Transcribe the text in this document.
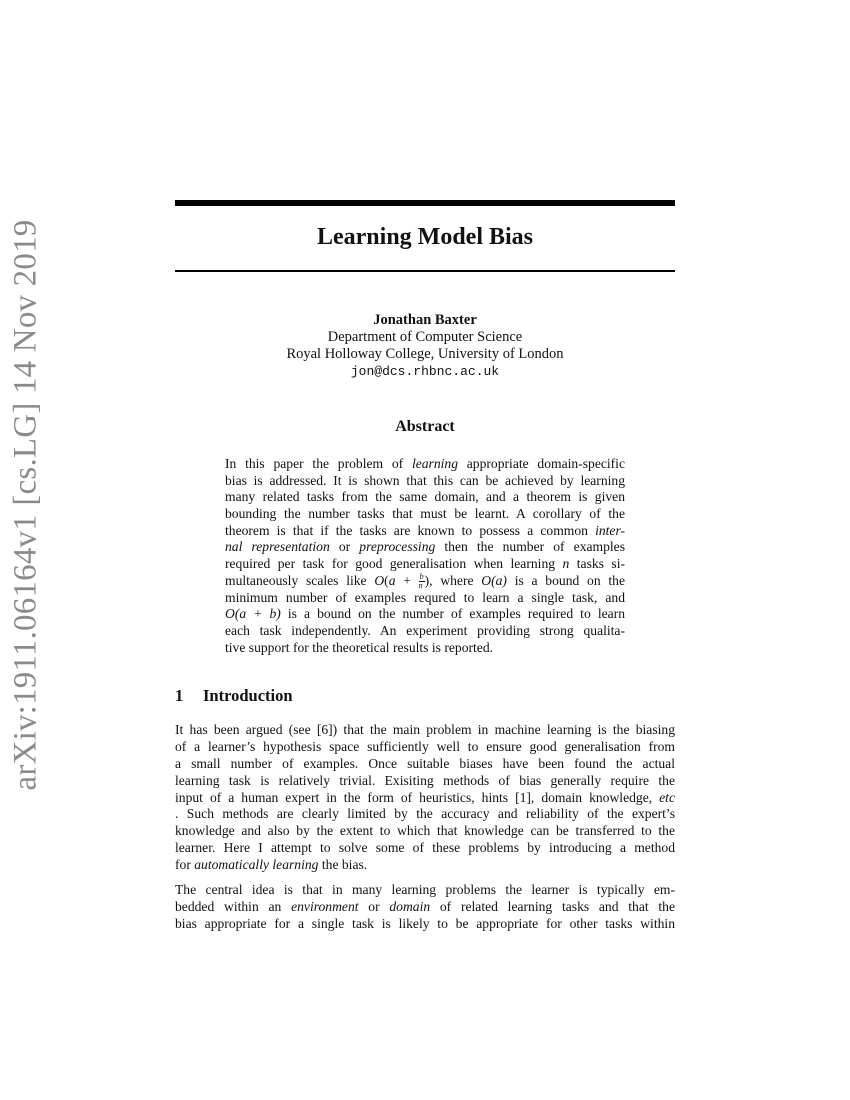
arXiv:1911.06164v1 [cs.LG] 14 Nov 2019	Learning Model Bias
Jonathan Baxter
Department of Computer Science
Royal Holloway College, University of London
jon@dcs.rhbnc.ac.uk
Abstract
In this paper the problem of learning appropriate domain-specific
bias is addressed. It is shown that this can be achieved by learning
many related tasks from the same domain, and a theorem is given
bounding the number tasks that must be learnt. A corollary of the
theorem is that if the tasks are known to possess a common inter-
nal representation or preprocessing then the number of examples
required per task for good generalisation when learning n tasks si-
multaneously scales like $O(a + \frac{b}{n}$ ), where O(a) is a bound on the
minimum number of examples requred to learn a single task, and
O(a + b) is a bound on the number of examples required to learn
each task independently. An experiment providing strong qualita-
tive support for the theoretical results is reported.
1 Introduction
It has been argued (see [6]) that the main problem in machine learning is the biasing
of a learner’s hypothesis space sufficiently well to ensure good generalisation from
a small number of examples. Once suitable biases have been found the actual
learning task is relatively trivial. Exisiting methods of bias generally require the
input of a human expert in the form of heuristics, hints [1], domain knowledge, etc
. Such methods are clearly limited by the accuracy and reliability of the expert’s
knowledge and also by the extent to which that knowledge can be transferred to the
learner. Here I attempt to solve some of these problems by introducing a method
for automatically learning the bias.
The central idea is that in many learning problems the learner is typically em-
bedded within an environment or domain of related learning tasks and that the
bias appropriate for a single task is likely to be appropriate for other tasks within
